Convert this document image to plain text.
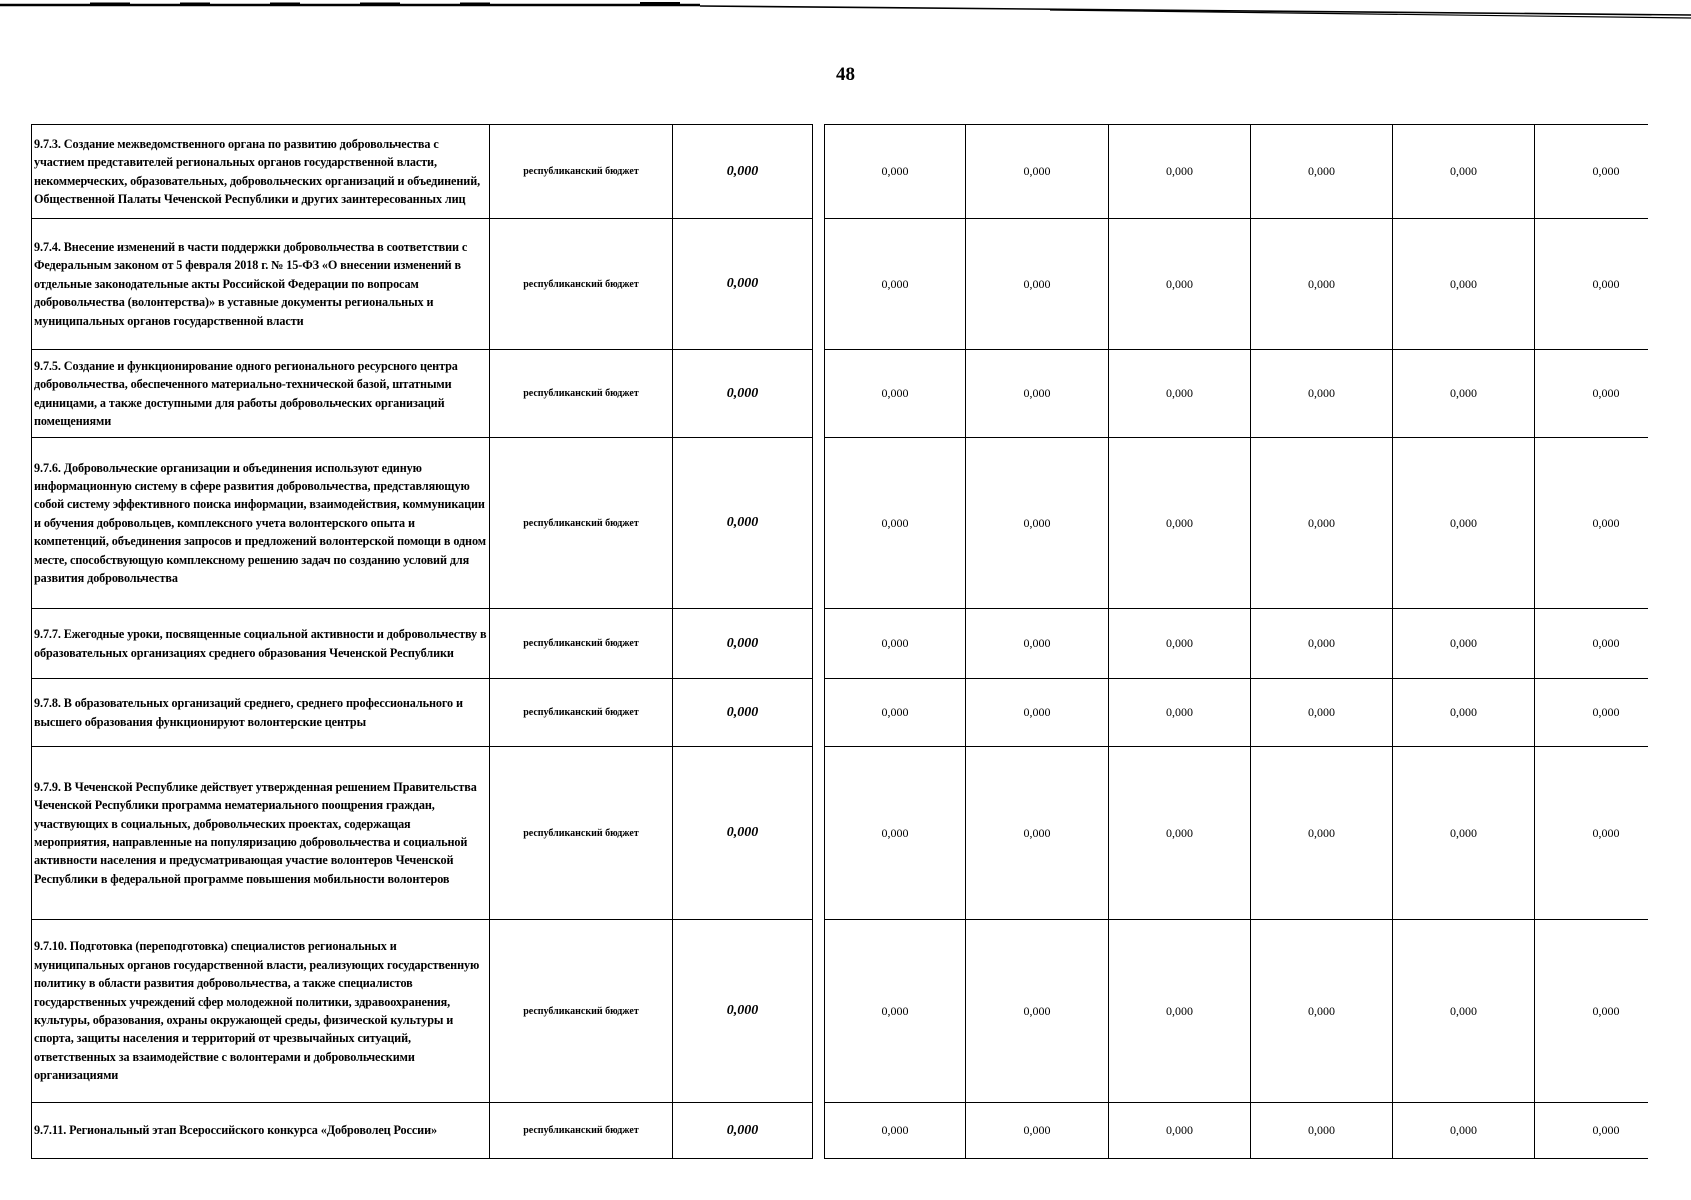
48
9.7.3. Создание межведомственного органа по развитию добровольчества с участием представителей региональных органов государственной власти, некоммерческих, образовательных, добровольческих организаций и объединений, Общественной Палаты Чеченской Республики и других заинтересованных лиц	республиканский бюджет	0,000		0,000	0,000	0,000	0,000	0,000	0,000
9.7.4. Внесение изменений в части поддержки добровольчества в соответствии с Федеральным законом от 5 февраля 2018 г. № 15-ФЗ «О внесении изменений в отдельные законодательные акты Российской Федерации по вопросам добровольчества (волонтерства)» в уставные документы региональных и муниципальных органов государственной власти	республиканский бюджет	0,000		0,000	0,000	0,000	0,000	0,000	0,000
9.7.5. Создание и функционирование одного регионального ресурсного центра добровольчества, обеспеченного материально-технической базой, штатными единицами, а также доступными для работы добровольческих организаций помещениями	республиканский бюджет	0,000		0,000	0,000	0,000	0,000	0,000	0,000
9.7.6. Добровольческие организации и объединения используют единую информационную систему в сфере развития добровольчества, представляющую собой систему эффективного поиска информации, взаимодействия, коммуникации и обучения добровольцев, комплексного учета волонтерского опыта и компетенций, объединения запросов и предложений волонтерской помощи в одном месте, способствующую комплексному решению задач по созданию условий для развития добровольчества	республиканский бюджет	0,000		0,000	0,000	0,000	0,000	0,000	0,000
9.7.7. Ежегодные уроки, посвященные социальной активности и добровольчеству в образовательных организациях среднего образования Чеченской Республики	республиканский бюджет	0,000		0,000	0,000	0,000	0,000	0,000	0,000
9.7.8. В образовательных организаций среднего, среднего профессионального и высшего образования функционируют волонтерские центры	республиканский бюджет	0,000		0,000	0,000	0,000	0,000	0,000	0,000
9.7.9. В Чеченской Республике действует утвержденная решением Правительства Чеченской Республики программа нематериального поощрения граждан, участвующих в социальных, добровольческих проектах, содержащая мероприятия, направленные на популяризацию добровольчества и социальной активности населения и предусматривающая участие волонтеров Чеченской Республики в федеральной программе повышения мобильности волонтеров	республиканский бюджет	0,000		0,000	0,000	0,000	0,000	0,000	0,000
9.7.10. Подготовка (переподготовка) специалистов региональных и муниципальных органов государственной власти, реализующих государственную политику в области развития добровольчества, а также специалистов государственных учреждений сфер молодежной политики, здравоохранения, культуры, образования, охраны окружающей среды, физической культуры и спорта, защиты населения и территорий от чрезвычайных ситуаций, ответственных за взаимодействие с волонтерами и добровольческими организациями	республиканский бюджет	0,000		0,000	0,000	0,000	0,000	0,000	0,000
9.7.11. Региональный этап Всероссийского конкурса «Доброволец России»	республиканский бюджет	0,000		0,000	0,000	0,000	0,000	0,000	0,000
